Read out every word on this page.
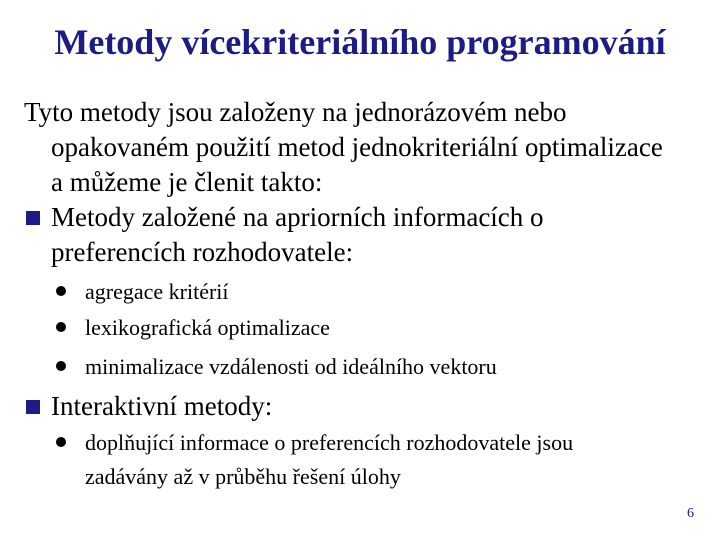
Metody vícekriteriálního programování
Tyto metody jsou založeny na jednorázovém nebo
opakovaném použití metod jednokriteriální optimalizace
a můžeme je členit takto:
Metody založené na apriorních informacích o
preferencích rozhodovatele:
agregace kritérií
lexikografická optimalizace
minimalizace vzdálenosti od ideálního vektoru
Interaktivní metody:
doplňující informace o preferencích rozhodovatele jsou
zadávány až v průběhu řešení úlohy
6
